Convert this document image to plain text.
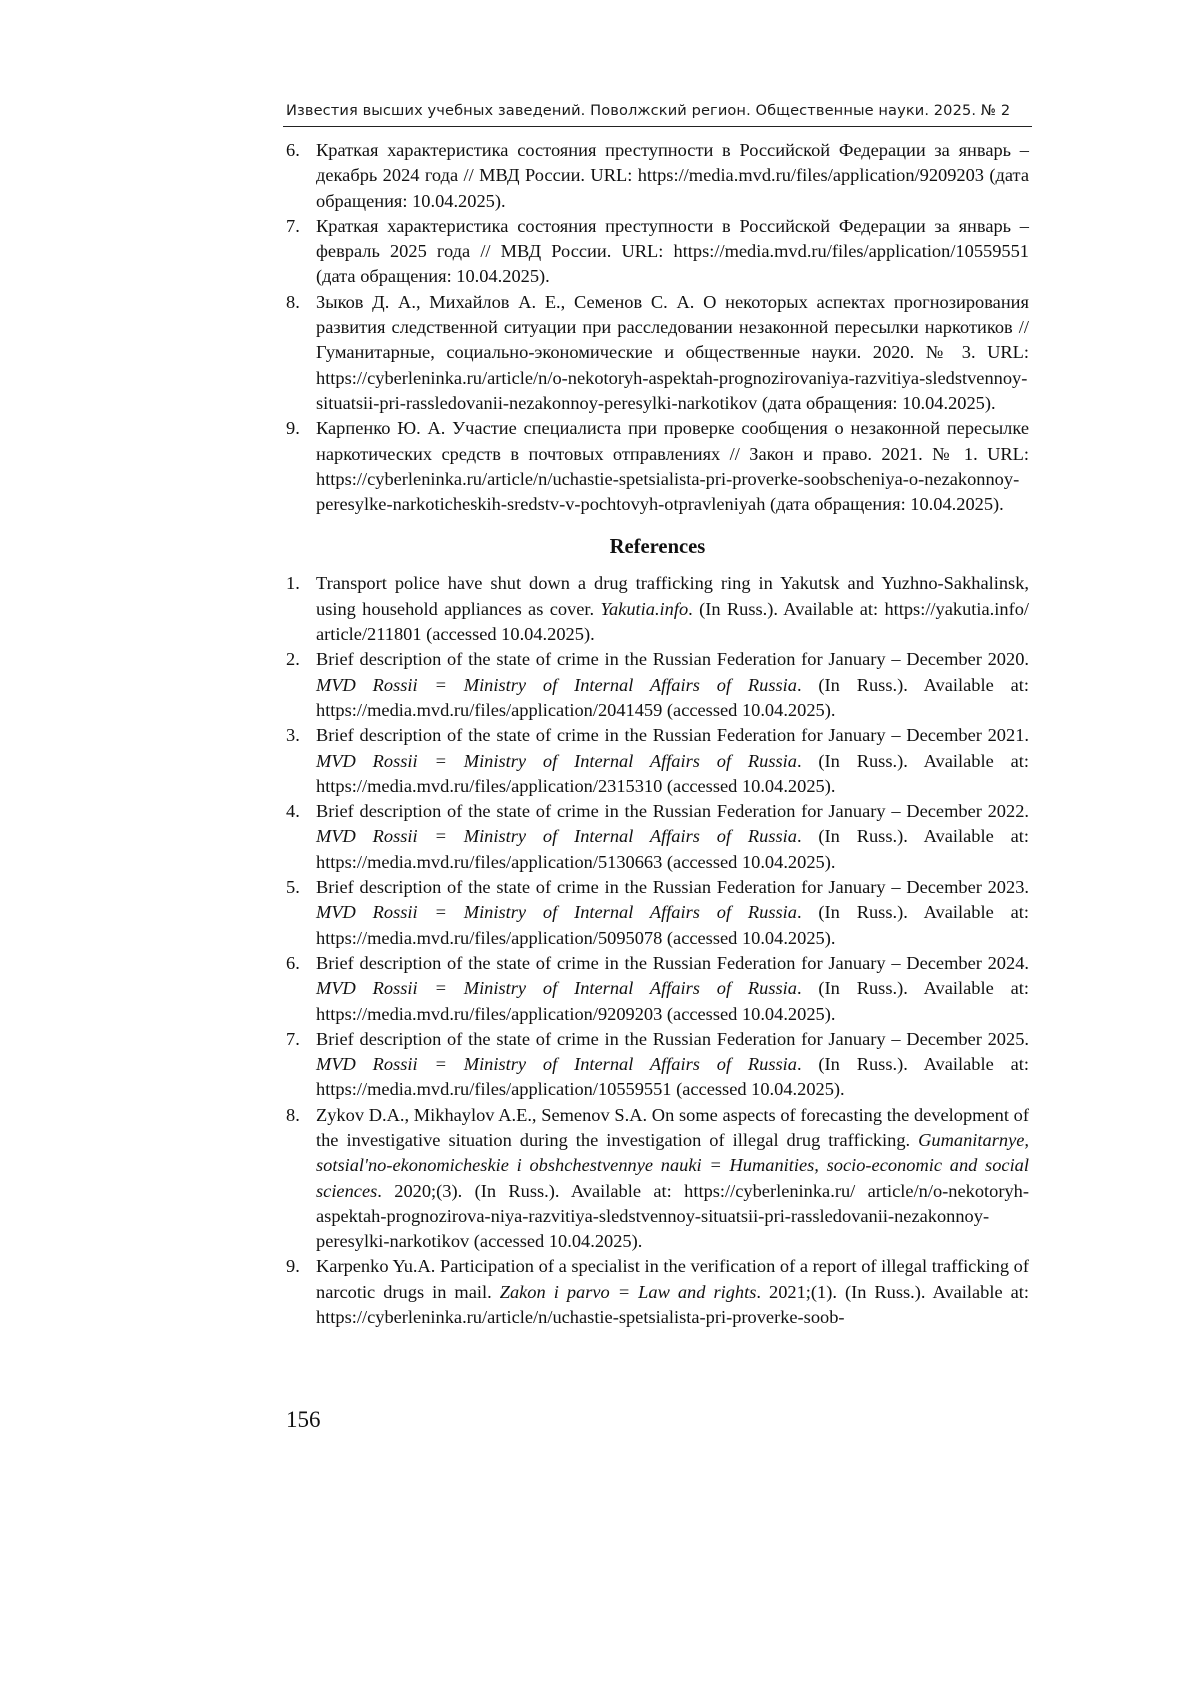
Известия высших учебных заведений. Поволжский регион. Общественные науки. 2025. № 2
6. Краткая характеристика состояния преступности в Российской Федерации за январь – декабрь 2024 года // МВД России. URL: https://media.mvd.ru/files/application/9209203 (дата обращения: 10.04.2025).
7. Краткая характеристика состояния преступности в Российской Федерации за январь – февраль 2025 года // МВД России. URL: https://media.mvd.ru/files/application/10559551 (дата обращения: 10.04.2025).
8. Зыков Д. А., Михайлов А. Е., Семенов С. А. О некоторых аспектах прогнозирования развития следственной ситуации при расследовании незаконной пересылки наркотиков // Гуманитарные, социально-экономические и общественные науки. 2020. № 3. URL: https://cyberleninka.ru/article/n/o-nekotoryh-aspektah-prognozirovaniya-razvitiya-sledstvennoy-situatsii-pri-rassledovanii-nezakonnoy-peresylki-narkotikov (дата обращения: 10.04.2025).
9. Карпенко Ю. А. Участие специалиста при проверке сообщения о незаконной пересылке наркотических средств в почтовых отправлениях // Закон и право. 2021. № 1. URL: https://cyberleninka.ru/article/n/uchastie-spetsialista-pri-proverke-soobscheniya-o-nezakonnoy-peresylke-narkoticheskih-sredstv-v-pochtovyh-otpravleniyah (дата обращения: 10.04.2025).
References
1. Transport police have shut down a drug trafficking ring in Yakutsk and Yuzhno-Sakhalinsk, using household appliances as cover. Yakutia.info. (In Russ.). Available at: https://yakutia.info/ article/211801 (accessed 10.04.2025).
2. Brief description of the state of crime in the Russian Federation for January – December 2020. MVD Rossii = Ministry of Internal Affairs of Russia. (In Russ.). Available at: https://media.mvd.ru/files/application/2041459 (accessed 10.04.2025).
3. Brief description of the state of crime in the Russian Federation for January – December 2021. MVD Rossii = Ministry of Internal Affairs of Russia. (In Russ.). Available at: https://media.mvd.ru/files/application/2315310 (accessed 10.04.2025).
4. Brief description of the state of crime in the Russian Federation for January – December 2022. MVD Rossii = Ministry of Internal Affairs of Russia. (In Russ.). Available at: https://media.mvd.ru/files/application/5130663 (accessed 10.04.2025).
5. Brief description of the state of crime in the Russian Federation for January – December 2023. MVD Rossii = Ministry of Internal Affairs of Russia. (In Russ.). Available at: https://media.mvd.ru/files/application/5095078 (accessed 10.04.2025).
6. Brief description of the state of crime in the Russian Federation for January – December 2024. MVD Rossii = Ministry of Internal Affairs of Russia. (In Russ.). Available at: https://media.mvd.ru/files/application/9209203 (accessed 10.04.2025).
7. Brief description of the state of crime in the Russian Federation for January – December 2025. MVD Rossii = Ministry of Internal Affairs of Russia. (In Russ.). Available at: https://media.mvd.ru/files/application/10559551 (accessed 10.04.2025).
8. Zykov D.A., Mikhaylov A.E., Semenov S.A. On some aspects of forecasting the development of the investigative situation during the investigation of illegal drug trafficking. Gumanitarnye, sotsial'no-ekonomicheskie i obshchestvennye nauki = Humanities, socio-economic and social sciences. 2020;(3). (In Russ.). Available at: https://cyberleninka.ru/ article/n/o-nekotoryh-aspektah-prognozirova-niya-razvitiya-sledstvennoy-situatsii-pri-rassledovanii-nezakonnoy-peresylki-narkotikov (accessed 10.04.2025).
9. Karpenko Yu.A. Participation of a specialist in the verification of a report of illegal trafficking of narcotic drugs in mail. Zakon i parvo = Law and rights. 2021;(1). (In Russ.). Available at: https://cyberleninka.ru/article/n/uchastie-spetsialista-pri-proverke-soob-
156
